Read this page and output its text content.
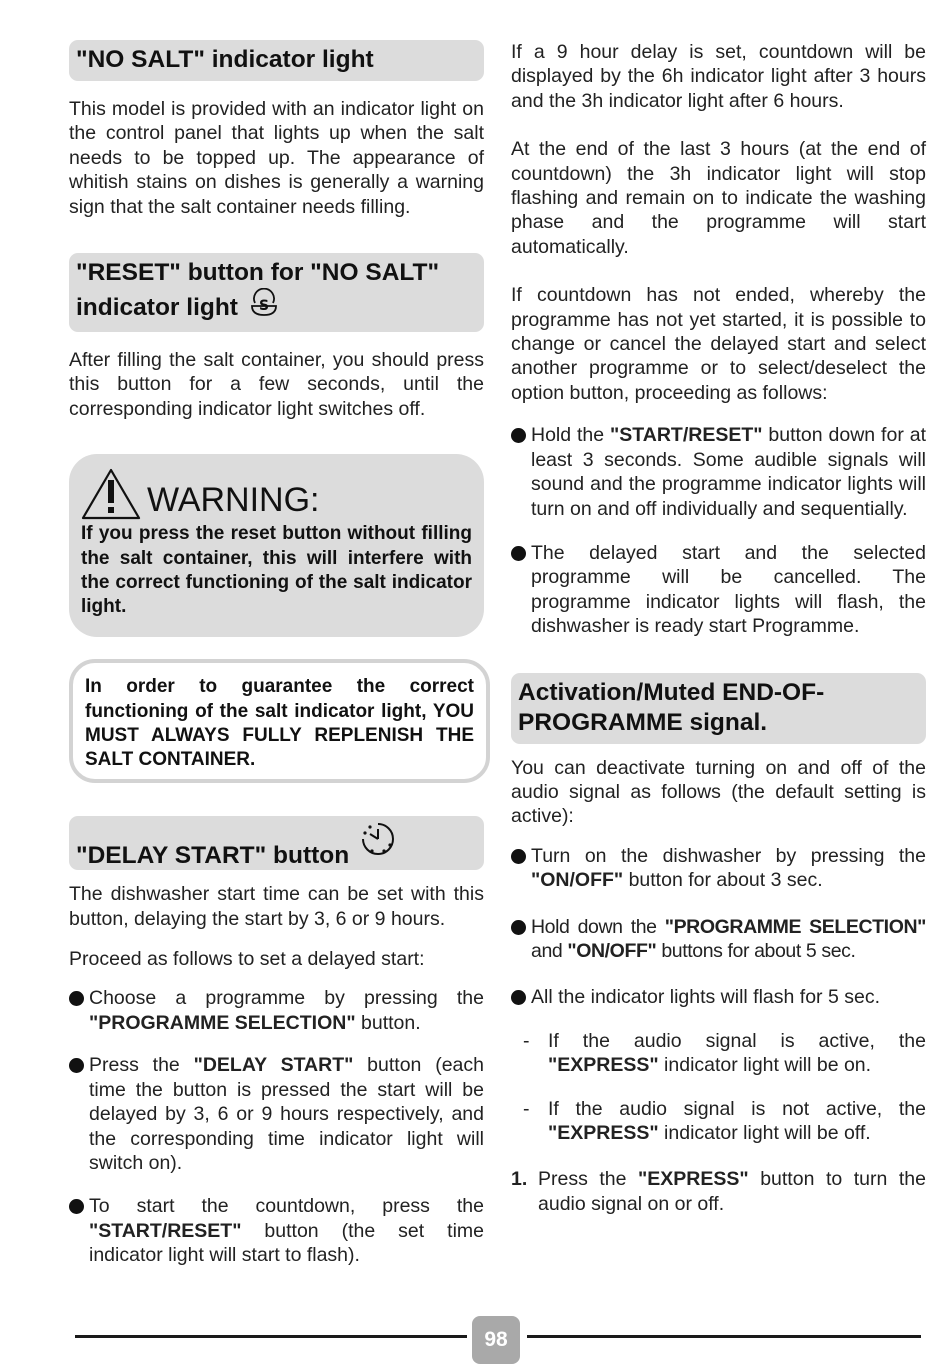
"NO SALT" indicator light
This model is provided with an indicator light on the control panel that lights up when the salt needs to be topped up. The appearance of whitish stains on dishes is generally a warning sign that the salt container needs filling.
"RESET" button for "NO SALT" indicator light S
After filling the salt container, you should press this button for a few seconds, until the corresponding indicator light switches off.
WARNING:
If you press the reset button without filling the salt container, this will interfere with the correct functioning of the salt indicator light.
In order to guarantee the correct functioning of the salt indicator light, YOU MUST ALWAYS FULLY REPLENISH THE SALT CONTAINER.
"DELAY START" button
The dishwasher start time can be set with this button, delaying the start by 3, 6 or 9 hours.
Proceed as follows to set a delayed start:
Choose a programme by pressing the "PROGRAMME SELECTION" button.
Press the "DELAY START" button (each time the button is pressed the start will be delayed by 3, 6 or 9 hours respectively, and the corresponding time indicator light will switch on).
To start the countdown, press the "START/RESET" button (the set time indicator light will start to flash).
If a 9 hour delay is set, countdown will be displayed by the 6h indicator light after 3 hours and the 3h indicator light after 6 hours.
At the end of the last 3 hours (at the end of countdown) the 3h indicator light will stop flashing and remain on to indicate the washing phase and the programme will start automatically.
If countdown has not ended, whereby the programme has not yet started, it is possible to change or cancel the delayed start and select another programme or to select/deselect the option button, proceeding as follows:
Hold the "START/RESET" button down for at least 3 seconds. Some audible signals will sound and the programme indicator lights will turn on and off individually and sequentially.
The delayed start and the selected programme will be cancelled. The programme indicator lights will flash, the dishwasher is ready start Programme.
Activation/Muted END-OF-PROGRAMME signal.
You can deactivate turning on and off of the audio signal as follows (the default setting is active):
Turn on the dishwasher by pressing the "ON/OFF" button for about 3 sec.
Hold down the "PROGRAMME SELECTION" and "ON/OFF" buttons for about 5 sec.
All the indicator lights will flash for 5 sec.
- If the audio signal is active, the "EXPRESS" indicator light will be on.
- If the audio signal is not active, the "EXPRESS" indicator light will be off.
1. Press the "EXPRESS" button to turn the audio signal on or off.
98
